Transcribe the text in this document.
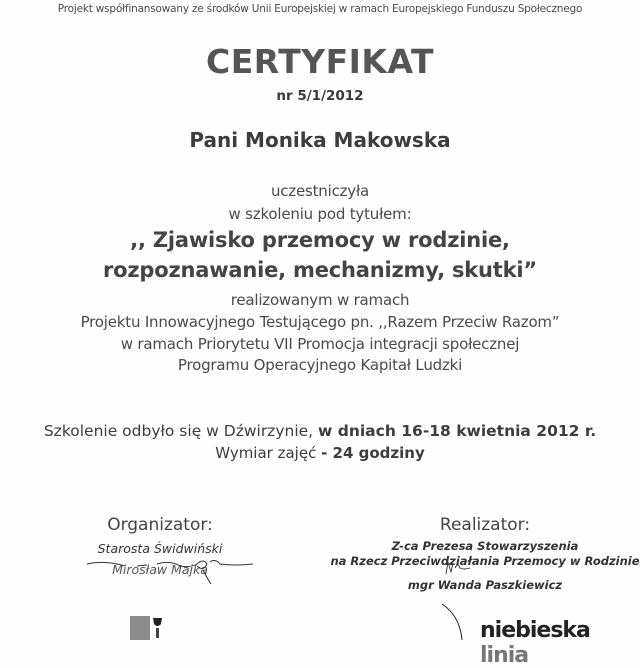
Projekt współfinansowany ze środków Unii Europejskiej w ramach Europejskiego Funduszu Społecznego
CERTYFIKAT
nr 5/1/2012
Pani Monika Makowska
uczestniczyła
w szkoleniu pod tytułem:
,, Zjawisko przemocy w rodzinie,
rozpoznawanie, mechanizmy, skutki”
realizowanym w ramach
Projektu Innowacyjnego Testującego pn. ,,Razem Przeciw Razom”
w ramach Priorytetu VII Promocja integracji społecznej
Programu Operacyjnego Kapitał Ludzki
Szkolenie odbyło się w Dźwirzynie, w dniach 16-18 kwietnia 2012 r.
Wymiar zajęć - 24 godziny
Organizator:
Starosta Świdwiński
Mirosław Majka
Realizator:
Z-ca Prezesa Stowarzyszenia
na Rzecz Przeciwdziałania Przemocy w Rodzinie
mgr Wanda Paszkiewicz
niebieska linia
